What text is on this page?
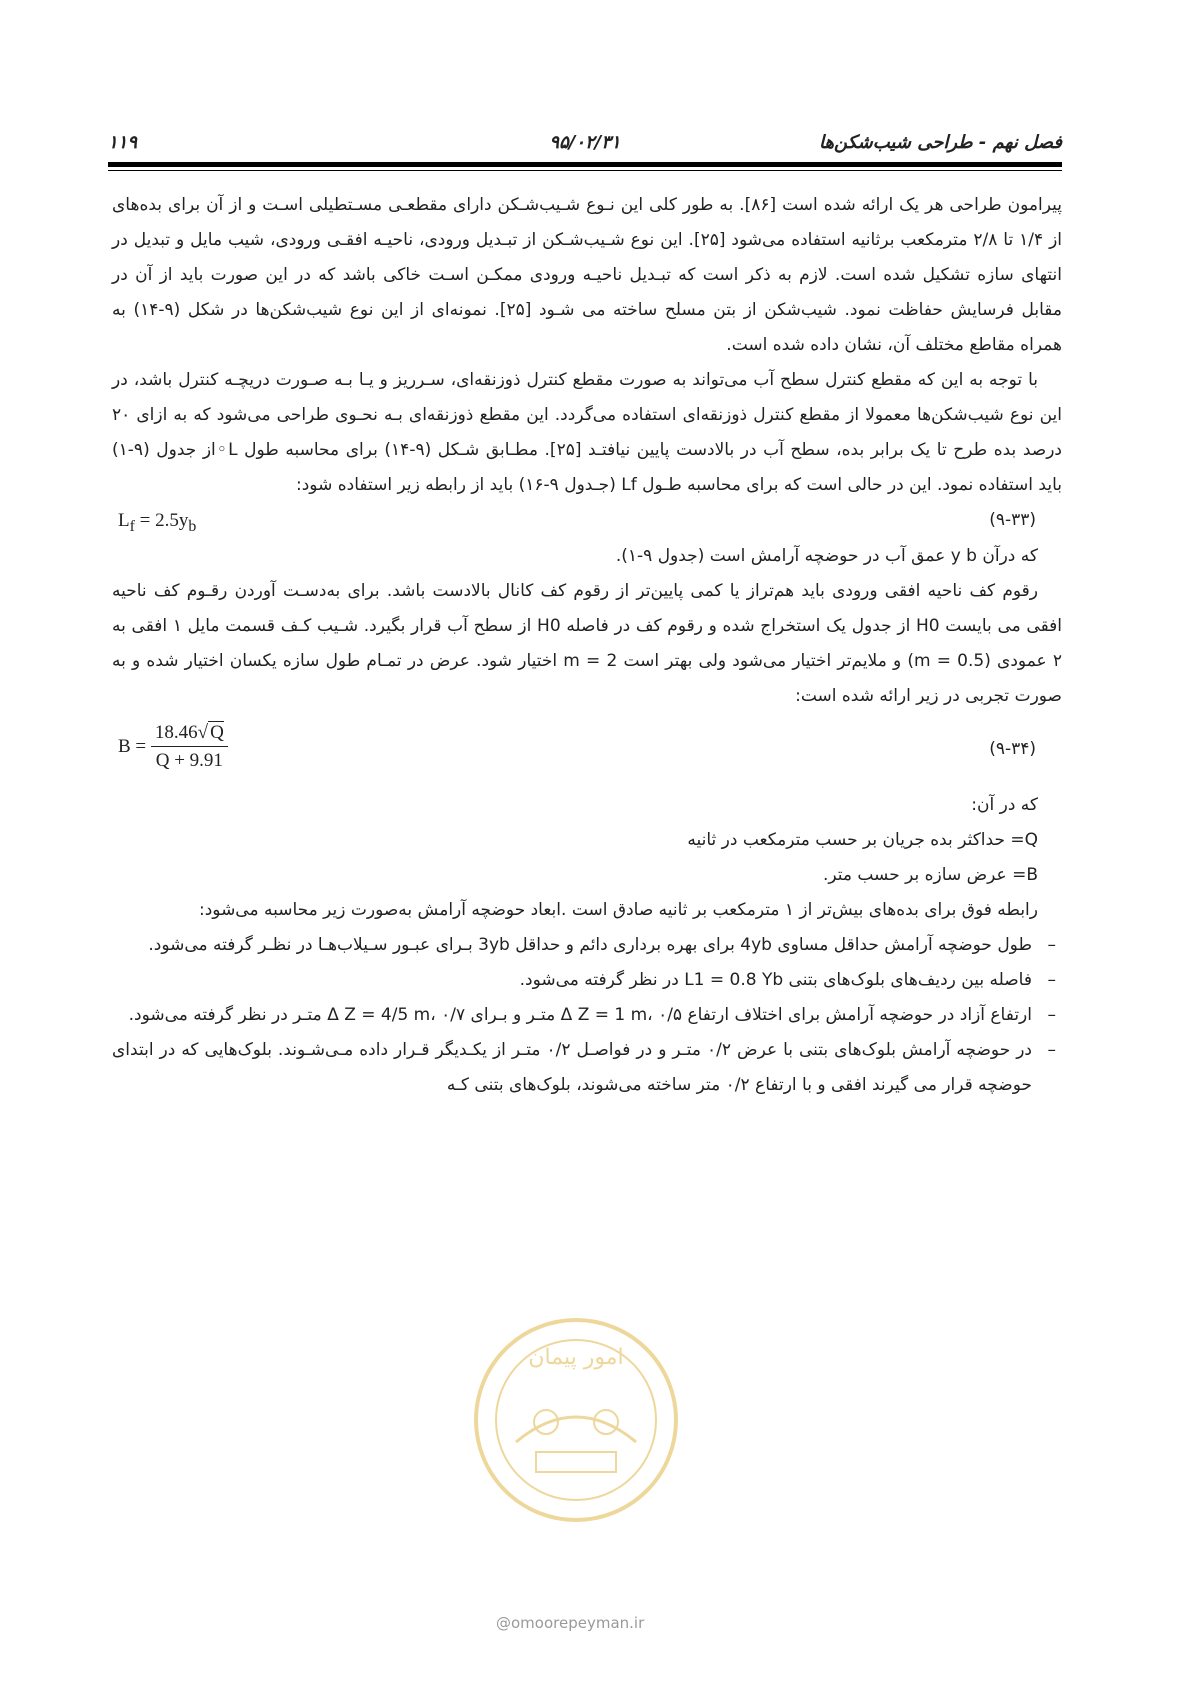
فصل نهم - طراحی شیب‌شکن‌ها
۹۵/۰۲/۳۱
۱۱۹

پیرامون طراحی هر یک ارائه شده است [۸۶]. به طور کلی این نـوع شـیب‌شـکن دارای مقطعـی مسـتطیلی اسـت و از آن برای بده‌های از ۱/۴ تا ۲/۸ مترمکعب برثانیه استفاده می‌شود [۲۵]. این نوع شـیب‌شـکن از تبـدیل ورودی، ناحیـه افقـی ورودی، شیب مایل و تبدیل در انتهای سازه تشکیل شده است. لازم به ذکر است که تبـدیل ناحیـه ورودی ممکـن اسـت خاکی باشد که در این صورت باید از آن در مقابل فرسایش حفاظت نمود. شیب‌شکن از بتن مسلح ساخته می شـود [۲۵]. نمونه‌ای از این نوع شیب‌شکن‌ها در شکل (۹-۱۴) به همراه مقاطع مختلف آن، نشان داده شده است.

با توجه به این که مقطع کنترل سطح آب می‌تواند به صورت مقطع کنترل ذوزنقه‌ای، سـرریز و یـا بـه صـورت دریچـه کنترل باشد، در این نوع شیب‌شکن‌ها معمولا از مقطع کنترل ذوزنقه‌ای استفاده می‌گردد. این مقطع ذوزنقه‌ای بـه نحـوی طراحی می‌شود که به ازای ۲۰ درصد بده طرح تا یک برابر بده، سطح آب در بالادست پایین نیافتـد [۲۵]. مطـابق شـکل (۹-۱۴) برای محاسبه طول L◦از جدول (۹-۱) باید استفاده نمود. این در حالی است که برای محاسبه طـول Lf (جـدول ۹-۱۶) باید از رابطه زیر استفاده شود:

$L_f = 2.5y_b$	(۹-۳۳)

که درآن y b عمق آب در حوضچه آرامش است (جدول ۹-۱).

رقوم کف ناحیه افقی ورودی باید هم‌تراز یا کمی پایین‌تر از رقوم کف کانال بالادست باشد. برای به‌دسـت آوردن رقـوم کف ناحیه افقی می بایست H0 از جدول یک استخراج شده و رقوم کف در فاصله H0 از سطح آب قرار بگیرد. شـیب کـف قسمت مایل ۱ افقی به ۲ عمودی (m = 0.5) و ملایم‌تر اختیار می‌شود ولی بهتر است m = 2 اختیار شود. عرض در تمـام طول سازه یکسان اختیار شده و به صورت تجربی در زیر ارائه شده است:

$B = \frac{18.46√ Q}{Q + 9.91}$	(۹-۳۴)

که در آن:

Q= حداکثر بده جریان بر حسب مترمکعب در ثانیه

B= عرض سازه بر حسب متر.

رابطه فوق برای بده‌های بیش‌تر از ۱ مترمکعب بر ثانیه صادق است .ابعاد حوضچه آرامش به‌صورت زیر محاسبه می‌شود:

–
طول حوضچه آرامش حداقل مساوی 4yb برای بهره برداری دائم و حداقل 3yb بـرای عبـور سـیلاب‌هـا در نظـر گرفته می‌شود.
–
فاصله بین ردیف‌های بلوک‌های بتنی L1 = 0.8 Yb در نظر گرفته می‌شود.
–
ارتفاع آزاد در حوضچه آرامش برای اختلاف ارتفاع Δ Z = 1 m، ۰/۵ متـر و بـرای Δ Z = 4/5 m، ۰/۷ متـر در نظر گرفته می‌شود.
–
در حوضچه آرامش بلوک‌های بتنی با عرض ۰/۲ متـر و در فواصـل ۰/۲ متـر از یکـدیگر قـرار داده مـی‌شـوند. بلوک‌هایی که در ابتدای حوضچه قرار می گیرند افقی و با ارتفاع ۰/۲ متر ساخته می‌شوند، بلوک‌های بتنی کـه
امور پیمان
@omoorepeyman.ir
